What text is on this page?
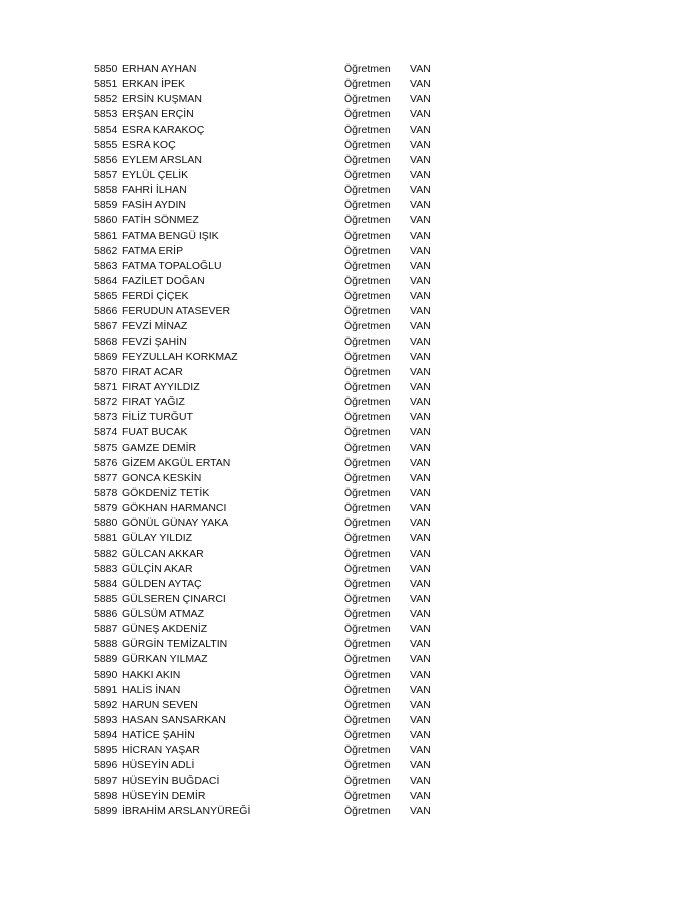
5850 ERHAN AYHAN	Öğretmen	VAN
5851 ERKAN İPEK	Öğretmen	VAN
5852 ERSİN KUŞMAN	Öğretmen	VAN
5853 ERŞAN ERÇİN	Öğretmen	VAN
5854 ESRA KARAKOÇ	Öğretmen	VAN
5855 ESRA KOÇ	Öğretmen	VAN
5856 EYLEM ARSLAN	Öğretmen	VAN
5857 EYLÜL ÇELİK	Öğretmen	VAN
5858 FAHRİ İLHAN	Öğretmen	VAN
5859 FASİH AYDIN	Öğretmen	VAN
5860 FATİH SÖNMEZ	Öğretmen	VAN
5861 FATMA BENGÜ IŞIK	Öğretmen	VAN
5862 FATMA ERİP	Öğretmen	VAN
5863 FATMA TOPALOĞLU	Öğretmen	VAN
5864 FAZİLET DOĞAN	Öğretmen	VAN
5865 FERDİ ÇİÇEK	Öğretmen	VAN
5866 FERUDUN ATASEVER	Öğretmen	VAN
5867 FEVZİ MİNAZ	Öğretmen	VAN
5868 FEVZİ ŞAHİN	Öğretmen	VAN
5869 FEYZULLAH KORKMAZ	Öğretmen	VAN
5870 FIRAT ACAR	Öğretmen	VAN
5871 FIRAT AYYILDIZ	Öğretmen	VAN
5872 FIRAT YAĞIZ	Öğretmen	VAN
5873 FİLİZ TURĞUT	Öğretmen	VAN
5874 FUAT BUCAK	Öğretmen	VAN
5875 GAMZE DEMİR	Öğretmen	VAN
5876 GİZEM AKGÜL ERTAN	Öğretmen	VAN
5877 GONCA KESKİN	Öğretmen	VAN
5878 GÖKDENİZ TETİK	Öğretmen	VAN
5879 GÖKHAN HARMANCI	Öğretmen	VAN
5880 GÖNÜL GÜNAY YAKA	Öğretmen	VAN
5881 GÜLAY YILDIZ	Öğretmen	VAN
5882 GÜLCAN AKKAR	Öğretmen	VAN
5883 GÜLÇİN AKAR	Öğretmen	VAN
5884 GÜLDEN AYTAÇ	Öğretmen	VAN
5885 GÜLSEREN ÇINARCI	Öğretmen	VAN
5886 GÜLSÜM ATMAZ	Öğretmen	VAN
5887 GÜNEŞ AKDENİZ	Öğretmen	VAN
5888 GÜRGİN TEMİZALTIN	Öğretmen	VAN
5889 GÜRKAN YILMAZ	Öğretmen	VAN
5890 HAKKI AKIN	Öğretmen	VAN
5891 HALİS İNAN	Öğretmen	VAN
5892 HARUN SEVEN	Öğretmen	VAN
5893 HASAN SANSARKAN	Öğretmen	VAN
5894 HATİCE ŞAHİN	Öğretmen	VAN
5895 HİCRAN YAŞAR	Öğretmen	VAN
5896 HÜSEYİN ADLİ	Öğretmen	VAN
5897 HÜSEYİN BUĞDACİ	Öğretmen	VAN
5898 HÜSEYİN DEMİR	Öğretmen	VAN
5899 İBRAHİM ARSLANYÜREĞİ	Öğretmen	VAN
